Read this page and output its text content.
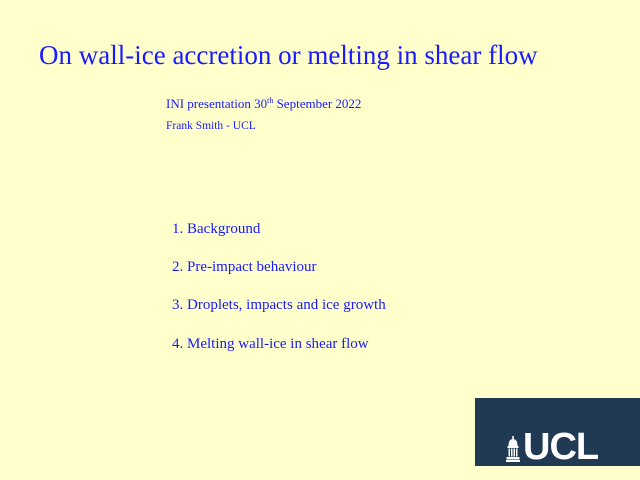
On wall-ice accretion or melting in shear flow
INI presentation 30th September 2022
Frank Smith - UCL
1. Background
2. Pre-impact behaviour
3. Droplets, impacts and ice growth
4. Melting wall-ice in shear flow
UCL
